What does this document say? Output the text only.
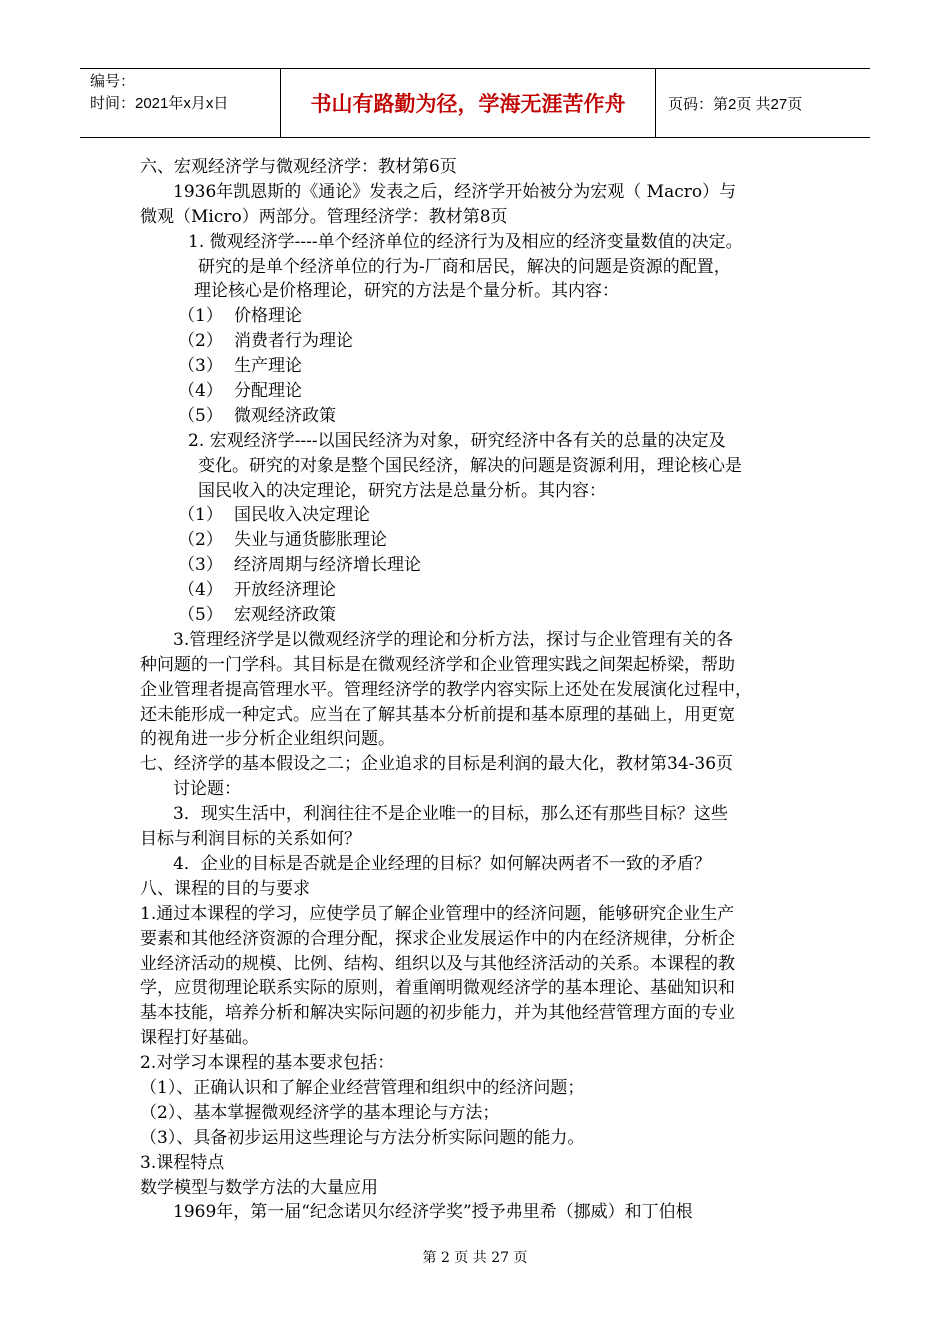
编号：
时间：2021年x月x日	书山有路勤为径，学海无涯苦作舟	页码：第2页 共27页
六、宏观经济学与微观经济学：教材第6页
1936年凯恩斯的《通论》发表之后，经济学开始被分为宏观（ Macro）与
微观（Micro）两部分。管理经济学：教材第8页
1. 微观经济学----单个经济单位的经济行为及相应的经济变量数值的决定。
研究的是单个经济单位的行为-厂商和居民，解决的问题是资源的配置，
理论核心是价格理论，研究的方法是个量分析。其内容：
（1） 价格理论
（2） 消费者行为理论
（3） 生产理论
（4） 分配理论
（5） 微观经济政策
2. 宏观经济学----以国民经济为对象，研究经济中各有关的总量的决定及
变化。研究的对象是整个国民经济，解决的问题是资源利用，理论核心是
国民收入的决定理论，研究方法是总量分析。其内容：
（1） 国民收入决定理论
（2） 失业与通货膨胀理论
（3） 经济周期与经济增长理论
（4） 开放经济理论
（5） 宏观经济政策
3.管理经济学是以微观经济学的理论和分析方法，探讨与企业管理有关的各
种问题的一门学科。其目标是在微观经济学和企业管理实践之间架起桥梁，帮助
企业管理者提高管理水平。管理经济学的教学内容实际上还处在发展演化过程中，
还未能形成一种定式。应当在了解其基本分析前提和基本原理的基础上，用更宽
的视角进一步分析企业组织问题。
七、经济学的基本假设之二；企业追求的目标是利润的最大化，教材第34-36页
讨论题：
3．现实生活中，利润往往不是企业唯一的目标，那么还有那些目标？这些
目标与利润目标的关系如何？
4．企业的目标是否就是企业经理的目标？如何解决两者不一致的矛盾？
八、课程的目的与要求
1.通过本课程的学习，应使学员了解企业管理中的经济问题，能够研究企业生产
要素和其他经济资源的合理分配，探求企业发展运作中的内在经济规律，分析企
业经济活动的规模、比例、结构、组织以及与其他经济活动的关系。本课程的教
学，应贯彻理论联系实际的原则，着重阐明微观经济学的基本理论、基础知识和
基本技能，培养分析和解决实际问题的初步能力，并为其他经营管理方面的专业
课程打好基础。
2.对学习本课程的基本要求包括：
（1）、正确认识和了解企业经营管理和组织中的经济问题；
（2）、基本掌握微观经济学的基本理论与方法；
（3）、具备初步运用这些理论与方法分析实际问题的能力。
3.课程特点
数学模型与数学方法的大量应用
1969年，第一届“纪念诺贝尔经济学奖”授予弗里希（挪威）和丁伯根
第 2 页 共 27 页
